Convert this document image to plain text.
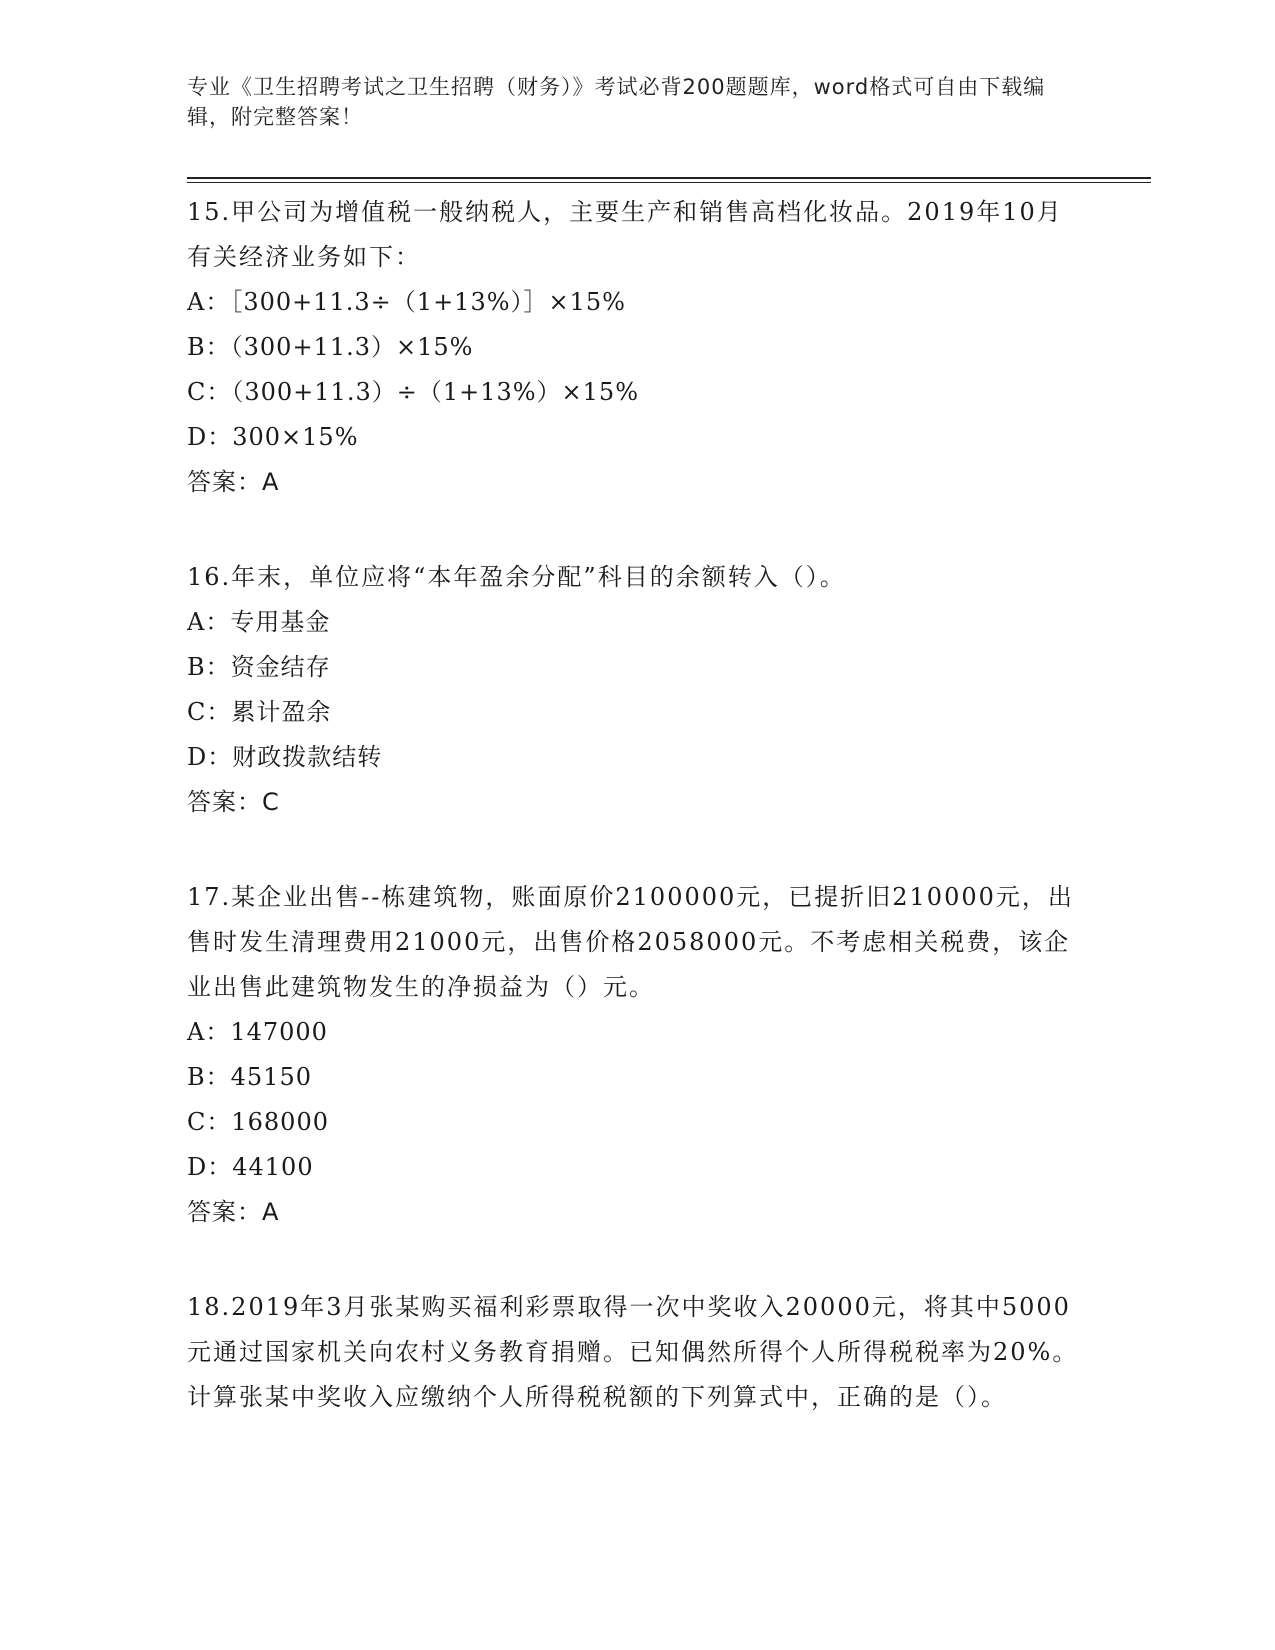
专业《卫生招聘考试之卫生招聘（财务）》考试必背200题题库，word格式可自由下载编辑，附完整答案！
15.甲公司为增值税一般纳税人，主要生产和销售高档化妆品。2019年10月有关经济业务如下：
A：［300+11.3÷（1+13%）］×15%
B：（300+11.3）×15%
C：（300+11.3）÷（1+13%）×15%
D：300×15%
答案：A
16.年末，单位应将“本年盈余分配”科目的余额转入（）。
A：专用基金
B：资金结存
C：累计盈余
D：财政拨款结转
答案：C
17.某企业出售--栋建筑物，账面原价2100000元，已提折旧210000元，出售时发生清理费用21000元，出售价格2058000元。不考虑相关税费，该企业出售此建筑物发生的净损益为（）元。
A：147000
B：45150
C：168000
D：44100
答案：A
18.2019年3月张某购买福利彩票取得一次中奖收入20000元，将其中5000元通过国家机关向农村义务教育捐赠。已知偶然所得个人所得税税率为20%。计算张某中奖收入应缴纳个人所得税税额的下列算式中，正确的是（）。
